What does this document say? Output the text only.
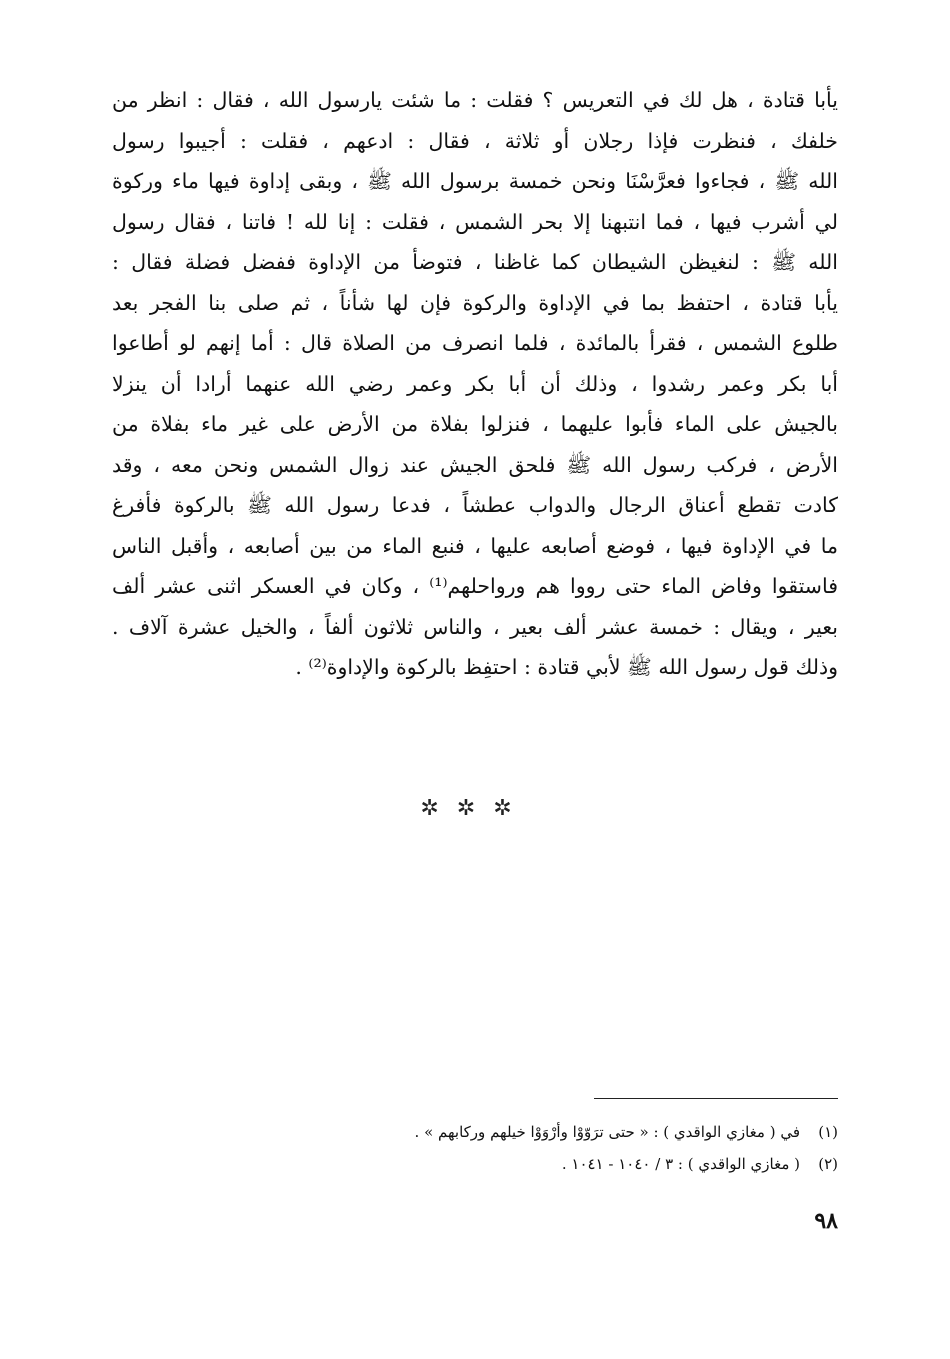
يأبا قتادة ، هل لك في التعريس ؟ فقلت : ما شئت يارسول الله ، فقال : انظر من
خلفك ، فنظرت فإذا رجلان أو ثلاثة ، فقال : ادعهم ، فقلت : أجيبوا رسول
الله ﷺ ، فجاءوا فعرَّسْنَا ونحن خمسة برسول الله ﷺ ، وبقى إداوة فيها ماء وركوة
لي أشرب فيها ، فما انتبهنا إلا بحر الشمس ، فقلت : إنا لله ! فاتنا ، فقال رسول
الله ﷺ : لنغيظن الشيطان كما غاظنا ، فتوضأ من الإداوة ففضل فضلة فقال :
يأبا قتادة ، احتفظ بما في الإداوة والركوة فإن لها شأناً ، ثم صلى بنا الفجر بعد
طلوع الشمس ، فقرأ بالمائدة ، فلما انصرف من الصلاة قال : أما إنهم لو أطاعوا
أبا بكر وعمر رشدوا ، وذلك أن أبا بكر وعمر رضي الله عنهما أرادا أن ينزلا
بالجيش على الماء فأبوا عليهما ، فنزلوا بفلاة من الأرض على غير ماء بفلاة من
الأرض ، فركب رسول الله ﷺ فلحق الجيش عند زوال الشمس ونحن معه ، وقد
كادت تقطع أعناق الرجال والدواب عطشاً ، فدعا رسول الله ﷺ بالركوة فأفرغ
ما في الإداوة فيها ، فوضع أصابعه عليها ، فنبع الماء من بين أصابعه ، وأقبل الناس
فاستقوا وفاض الماء حتى رووا هم ورواحلهم⁽¹⁾ ، وكان في العسكر اثنى عشر ألف
بعير ، ويقال : خمسة عشر ألف بعير ، والناس ثلاثون ألفاً ، والخيل عشرة آلاف .
وذلك قول رسول الله ﷺ لأبي قتادة : احتفِظ بالركوة والإداوة⁽²⁾ .
✲✲✲
(١)
في ( مغازي الواقدي ) : « حتى ترَوّوْا وأرْوَوْا خيلهم وركابهم » .
(٢)
( مغازي الواقدي ) : ٣ / ١٠٤٠ - ١٠٤١ .
٩٨
